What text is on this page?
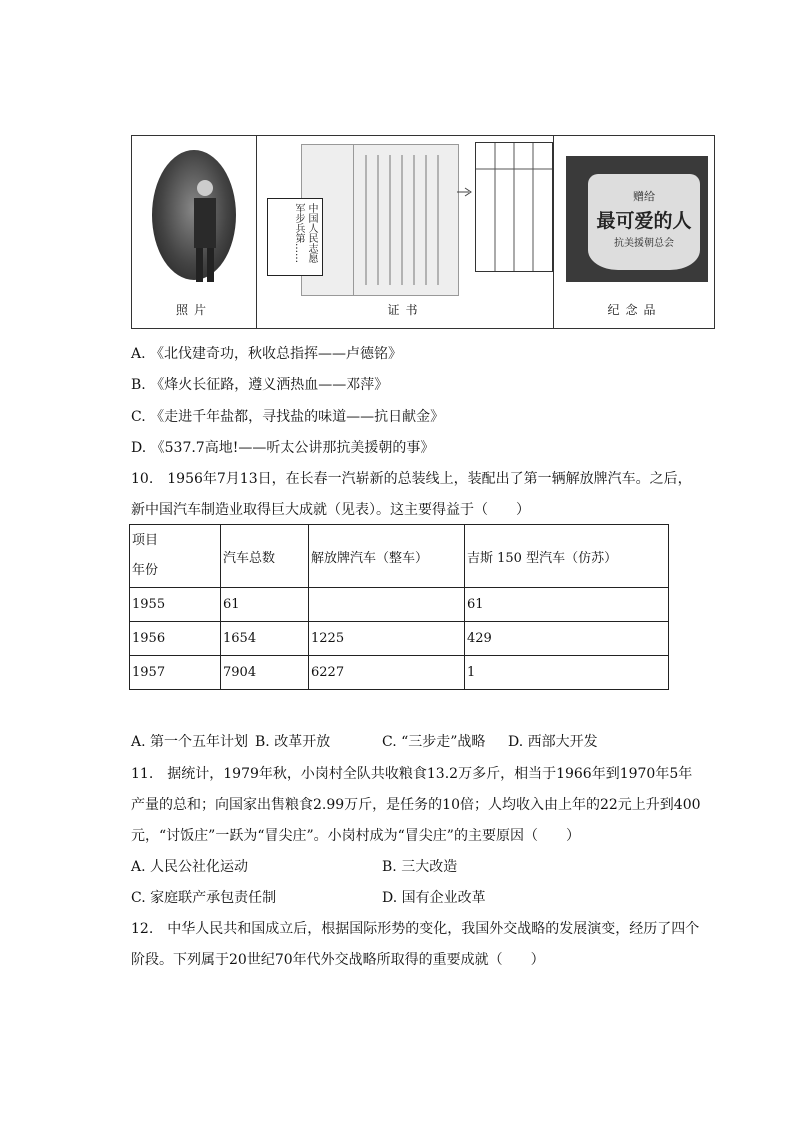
照片
中国人民志愿军步兵第……
证书
赠给
最可爱的人
抗美援朝总会
纪念品
A. 《北伐建奇功，秋收总指挥——卢德铭》
B. 《烽火长征路，遵义洒热血——邓萍》
C. 《走进千年盐都，寻找盐的味道——抗日献金》
D. 《537.7高地!——听太公讲那抗美援朝的事》
10.　1956年7月13日，在长春一汽崭新的总装线上，装配出了第一辆解放牌汽车。之后，
新中国汽车制造业取得巨大成就（见表）。这主要得益于（　　）
项目
年份	汽车总数	解放牌汽车（整车）	吉斯 150 型汽车（仿苏）
1955	61		61
1956	1654	1225	429
1957	7904	6227	1
A. 第一个五年计划 B. 改革开放	C. “三步走”战略 D. 西部大开发
11.　据统计，1979年秋，小岗村全队共收粮食13.2万多斤，相当于1966年到1970年5年
产量的总和；向国家出售粮食2.99万斤，是任务的10倍；人均收入由上年的22元上升到400
元，“讨饭庄”一跃为“冒尖庄”。小岗村成为“冒尖庄”的主要原因（　　）
A. 人民公社化运动	B. 三大改造
C. 家庭联产承包责任制	D. 国有企业改革
12.　中华人民共和国成立后，根据国际形势的变化，我国外交战略的发展演变，经历了四个
阶段。下列属于20世纪70年代外交战略所取得的重要成就（　　）
